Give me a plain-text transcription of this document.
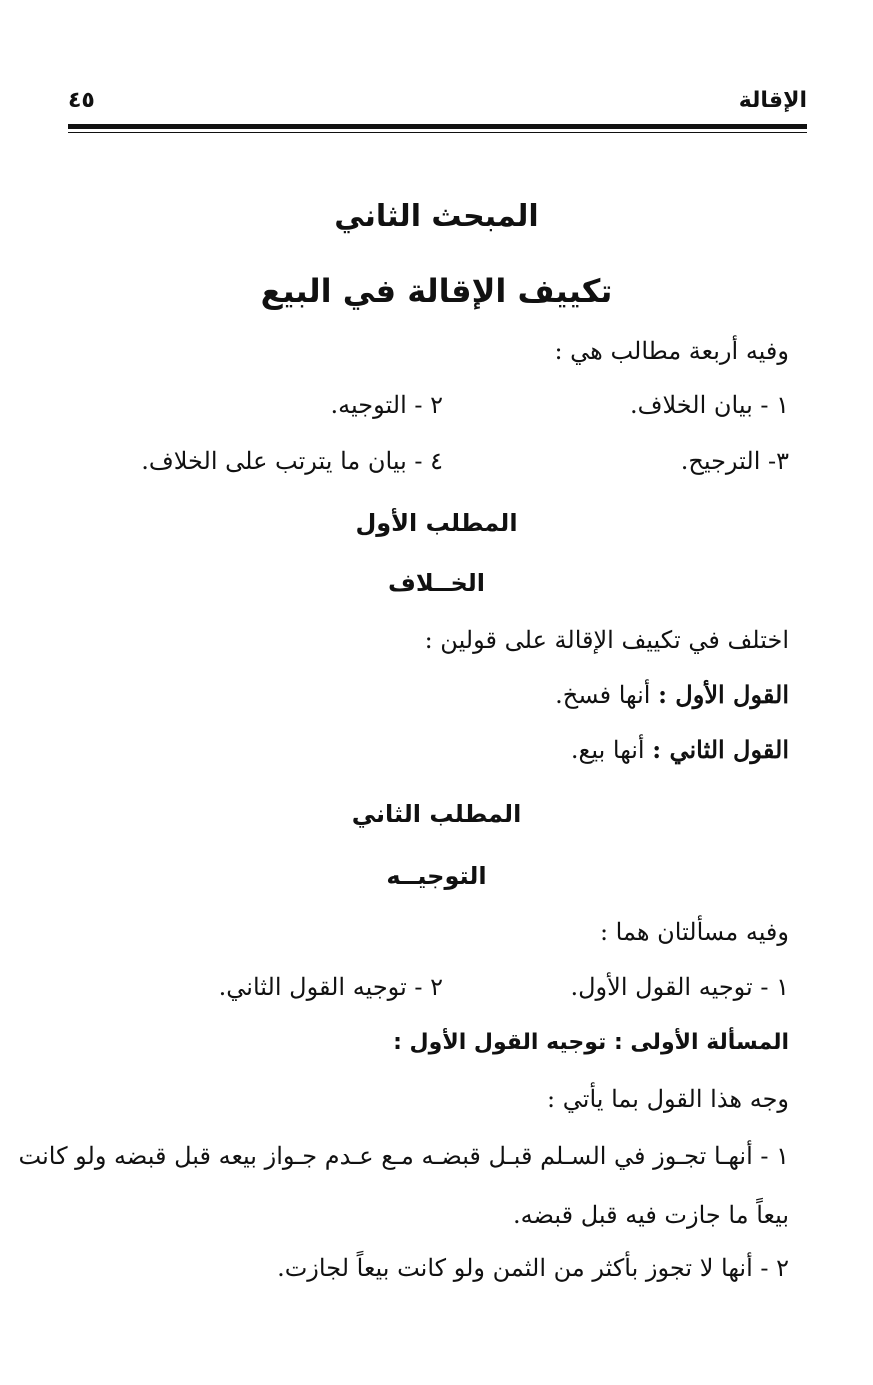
الإقالة
٤٥
المبحث الثاني
تكييف الإقالة في البيع
وفيه أربعة مطالب هي :
١ - بيان الخلاف.
٢ - التوجيه.
٣- الترجيح.
٤ - بيان ما يترتب على الخلاف.
المطلب الأول
الخــلاف
اختلف في تكييف الإقالة على قولين :
القول الأول : أنها فسخ.
القول الثاني : أنها بيع.
المطلب الثاني
التوجيــه
وفيه مسألتان هما :
١ - توجيه القول الأول.
٢ - توجيه القول الثاني.
المسألة الأولى : توجيه القول الأول :
وجه هذا القول بما يأتي :
١ - أنهـا تجـوز في السـلم قبـل قبضـه مـع عـدم جـواز بيعه قبل قبضه ولو كانت
بيعاً ما جازت فيه قبل قبضه.
٢ - أنها لا تجوز بأكثر من الثمن ولو كانت بيعاً لجازت.
